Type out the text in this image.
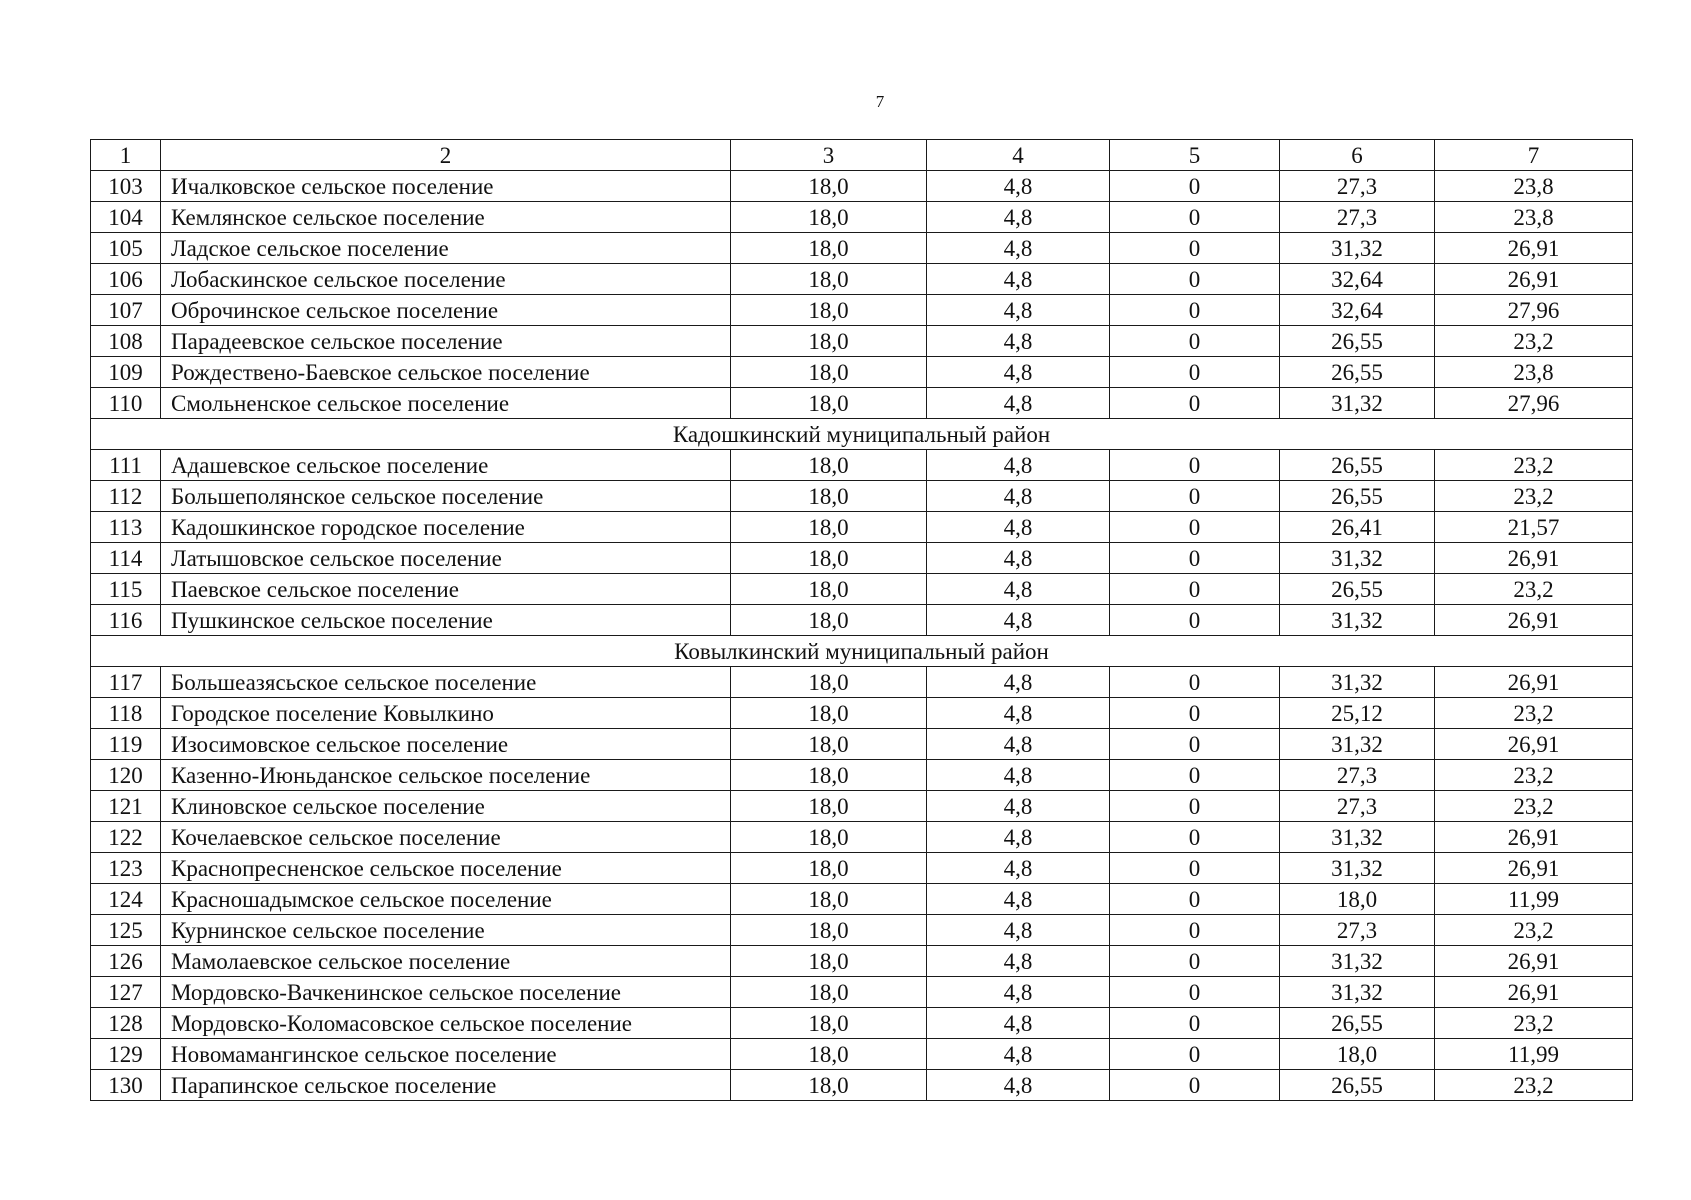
7
1	2	3	4	5	6	7
103	Ичалковское сельское поселение	18,0	4,8	0	27,3	23,8
104	Кемлянское сельское поселение	18,0	4,8	0	27,3	23,8
105	Ладское сельское поселение	18,0	4,8	0	31,32	26,91
106	Лобаскинское сельское поселение	18,0	4,8	0	32,64	26,91
107	Оброчинское сельское поселение	18,0	4,8	0	32,64	27,96
108	Парадеевское сельское поселение	18,0	4,8	0	26,55	23,2
109	Рождествено-Баевское сельское поселение	18,0	4,8	0	26,55	23,8
110	Смольненское сельское поселение	18,0	4,8	0	31,32	27,96
Кадошкинский муниципальный район						
111	Адашевское сельское поселение	18,0	4,8	0	26,55	23,2
112	Большеполянское сельское поселение	18,0	4,8	0	26,55	23,2
113	Кадошкинское городское поселение	18,0	4,8	0	26,41	21,57
114	Латышовское сельское поселение	18,0	4,8	0	31,32	26,91
115	Паевское сельское поселение	18,0	4,8	0	26,55	23,2
116	Пушкинское сельское поселение	18,0	4,8	0	31,32	26,91
Ковылкинский муниципальный район						
117	Большеазясьское сельское поселение	18,0	4,8	0	31,32	26,91
118	Городское поселение Ковылкино	18,0	4,8	0	25,12	23,2
119	Изосимовское сельское поселение	18,0	4,8	0	31,32	26,91
120	Казенно-Июньданское сельское поселение	18,0	4,8	0	27,3	23,2
121	Клиновское сельское поселение	18,0	4,8	0	27,3	23,2
122	Кочелаевское сельское поселение	18,0	4,8	0	31,32	26,91
123	Краснопресненское сельское поселение	18,0	4,8	0	31,32	26,91
124	Красношадымское сельское поселение	18,0	4,8	0	18,0	11,99
125	Курнинское сельское поселение	18,0	4,8	0	27,3	23,2
126	Мамолаевское сельское поселение	18,0	4,8	0	31,32	26,91
127	Мордовско-Вачкенинское сельское поселение	18,0	4,8	0	31,32	26,91
128	Мордовско-Коломасовское сельское поселение	18,0	4,8	0	26,55	23,2
129	Новомамангинское сельское поселение	18,0	4,8	0	18,0	11,99
130	Парапинское сельское поселение	18,0	4,8	0	26,55	23,2
